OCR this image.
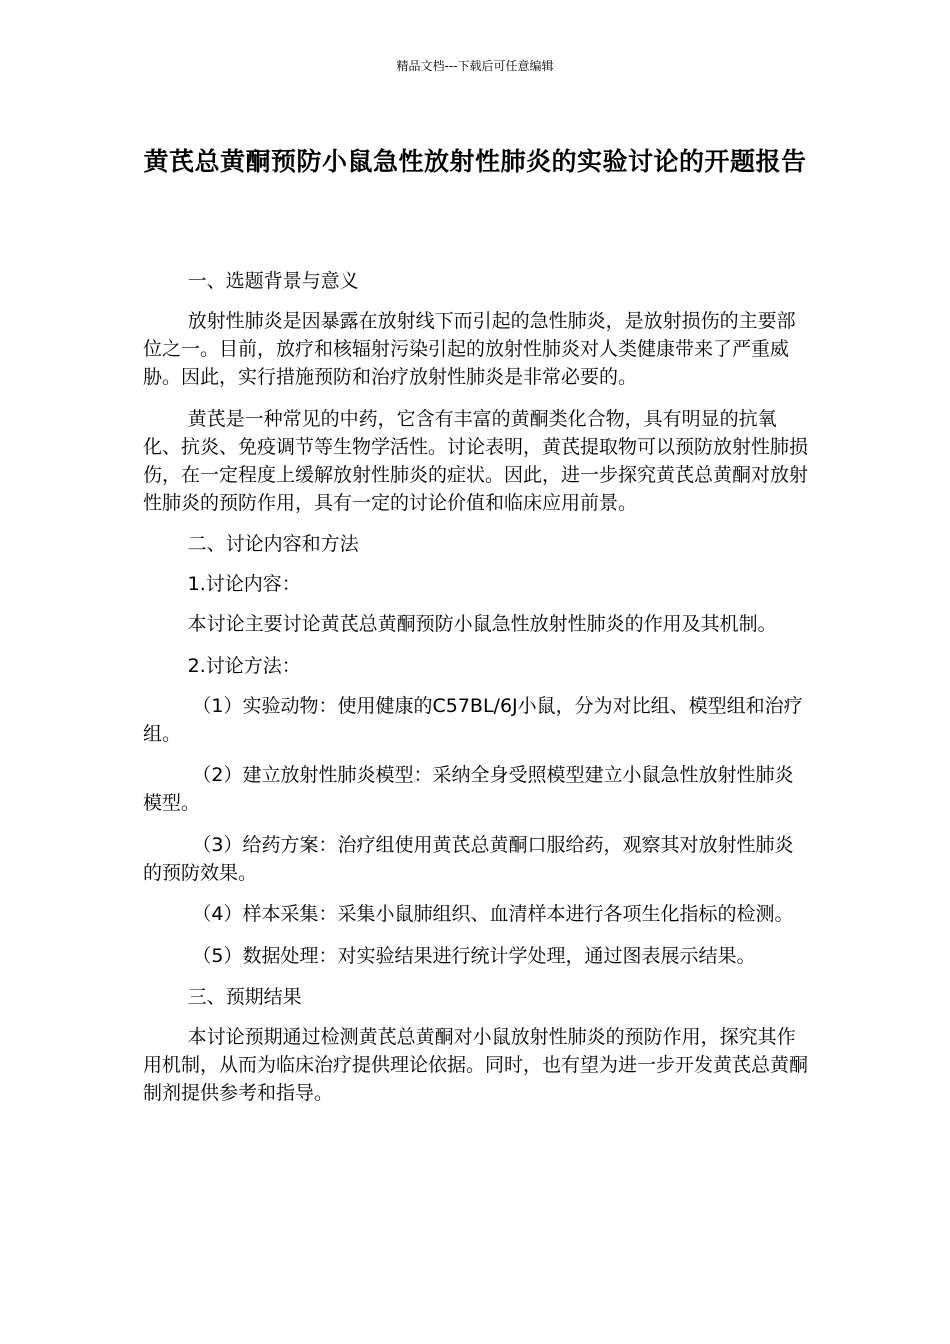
精品文档---下载后可任意编辑
黄芪总黄酮预防小鼠急性放射性肺炎的实验讨论的开题报告

一、选题背景与意义

放射性肺炎是因暴露在放射线下而引起的急性肺炎，是放射损伤的主要部位之一。目前，放疗和核辐射污染引起的放射性肺炎对人类健康带来了严重威胁。因此，实行措施预防和治疗放射性肺炎是非常必要的。

黄芪是一种常见的中药，它含有丰富的黄酮类化合物，具有明显的抗氧化、抗炎、免疫调节等生物学活性。讨论表明，黄芪提取物可以预防放射性肺损伤，在一定程度上缓解放射性肺炎的症状。因此，进一步探究黄芪总黄酮对放射性肺炎的预防作用，具有一定的讨论价值和临床应用前景。

二、讨论内容和方法

1.讨论内容：

本讨论主要讨论黄芪总黄酮预防小鼠急性放射性肺炎的作用及其机制。

2.讨论方法：

（1）实验动物：使用健康的C57BL/6J小鼠，分为对比组、模型组和治疗组。

（2）建立放射性肺炎模型：采纳全身受照模型建立小鼠急性放射性肺炎模型。

（3）给药方案：治疗组使用黄芪总黄酮口服给药，观察其对放射性肺炎的预防效果。

（4）样本采集：采集小鼠肺组织、血清样本进行各项生化指标的检测。

（5）数据处理：对实验结果进行统计学处理，通过图表展示结果。

三、预期结果

本讨论预期通过检测黄芪总黄酮对小鼠放射性肺炎的预防作用，探究其作用机制，从而为临床治疗提供理论依据。同时，也有望为进一步开发黄芪总黄酮制剂提供参考和指导。
